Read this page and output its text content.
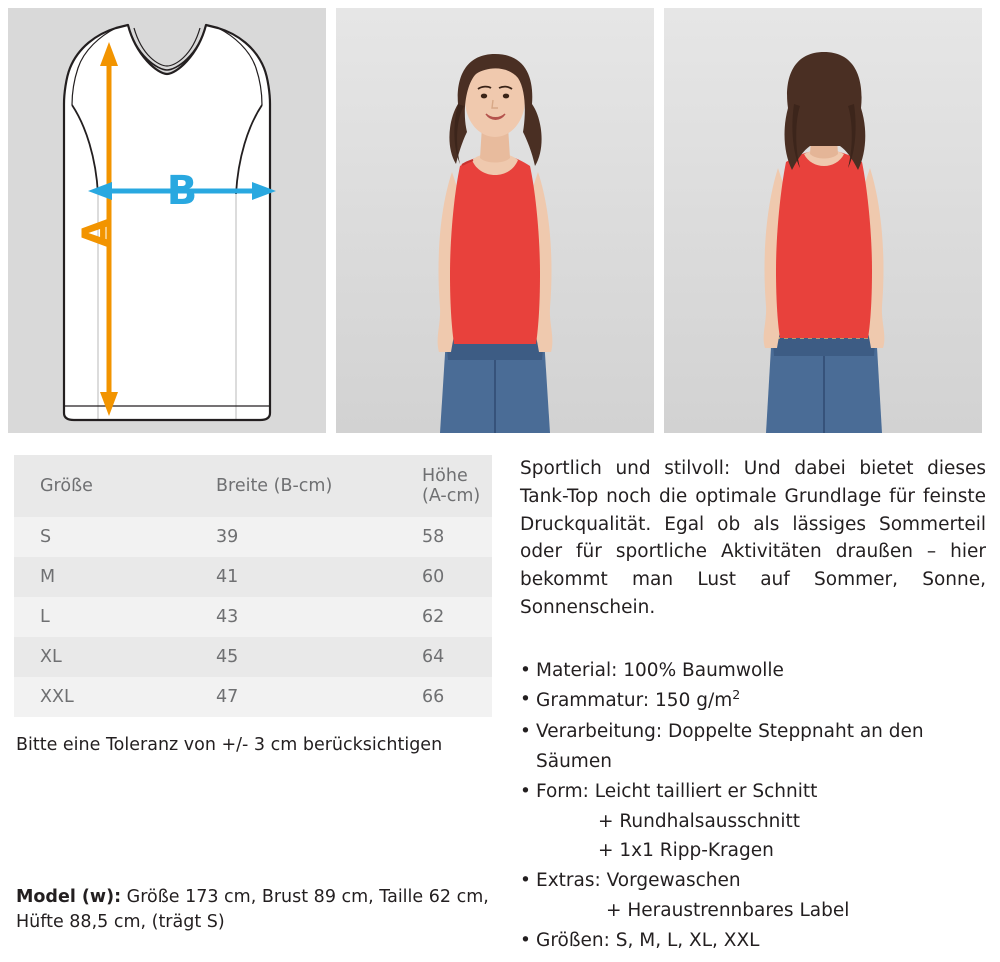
A
B
Größe	Breite (B-cm)	Höhe (A-cm)
S	39	58
M	41	60
L	43	62
XL	45	64
XXL	47	66
Bitte eine Toleranz von +/- 3 cm berücksichtigen

Sportlich und stilvoll: Und dabei bietet dieses Tank-Top noch die optimale Grundlage für feinste Druckqualität. Egal ob als lässiges Sommerteil oder für sportliche Aktivitäten draußen – hier bekommt man Lust auf Sommer, Sonne, Sonnenschein.

• Material: 100% Baumwolle
• Grammatur: 150 $g/m^2$
• Verarbeitung: Doppelte Steppnaht an den Säumen
• Form: Leicht tailliert er Schnitt
+ Rundhalsausschnitt
+ 1x1 Ripp-Kragen
• Extras: Vorgewaschen
+ Heraustrennbares Label
• Größen: S, M, L, XL, XXL
Model (w): Größe 173 cm, Brust 89 cm, Taille 62 cm, Hüfte 88,5 cm, (trägt S)
